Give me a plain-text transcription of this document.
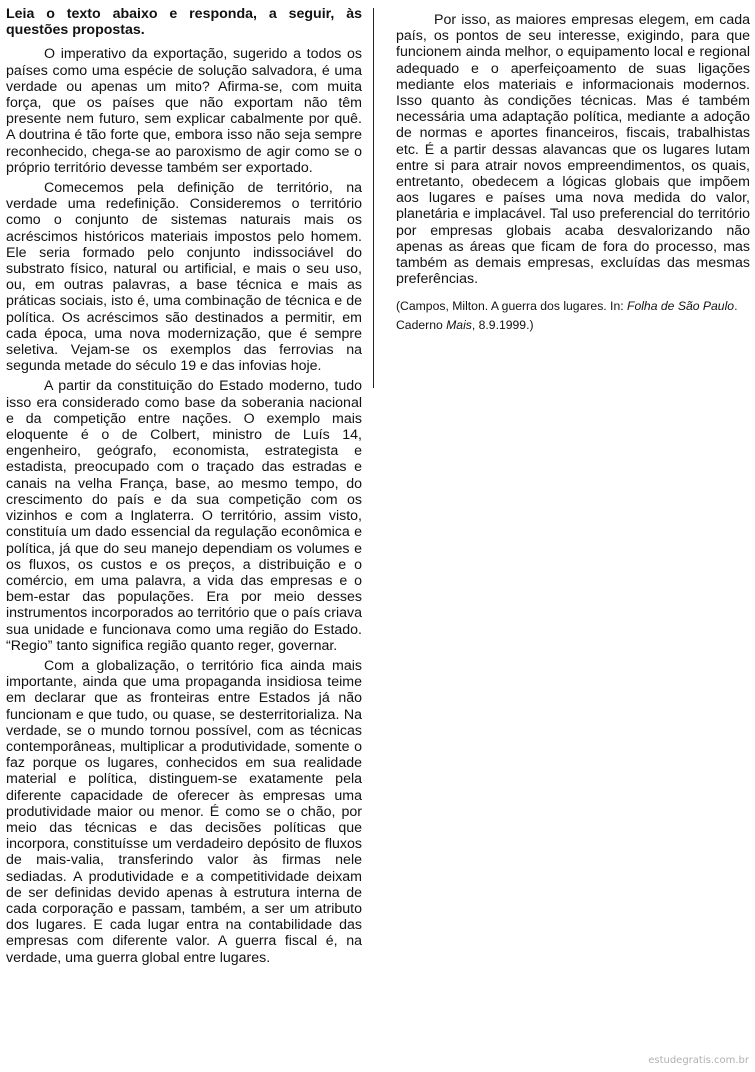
Leia o texto abaixo e responda, a seguir, às questões propostas.

O imperativo da exportação, sugerido a todos os países como uma espécie de solução salvadora, é uma verdade ou apenas um mito? Afirma-se, com muita força, que os países que não exportam não têm presente nem futuro, sem explicar cabalmente por quê. A doutrina é tão forte que, embora isso não seja sempre reconhecido, chega-se ao paroxismo de agir como se o próprio território devesse também ser exportado.

Comecemos pela definição de território, na verdade uma redefinição. Consideremos o território como o conjunto de sistemas naturais mais os acréscimos históricos materiais impostos pelo homem. Ele seria formado pelo conjunto indissociável do substrato físico, natural ou artificial, e mais o seu uso, ou, em outras palavras, a base técnica e mais as práticas sociais, isto é, uma combinação de técnica e de política. Os acréscimos são destinados a permitir, em cada época, uma nova modernização, que é sempre seletiva. Vejam-se os exemplos das ferrovias na segunda metade do século 19 e das infovias hoje.

A partir da constituição do Estado moderno, tudo isso era considerado como base da soberania nacional e da competição entre nações. O exemplo mais eloquente é o de Colbert, ministro de Luís 14, engenheiro, geógrafo, economista, estrategista e estadista, preocupado com o traçado das estradas e canais na velha França, base, ao mesmo tempo, do crescimento do país e da sua competição com os vizinhos e com a Inglaterra. O território, assim visto, constituía um dado essencial da regulação econômica e política, já que do seu manejo dependiam os volumes e os fluxos, os custos e os preços, a distribuição e o comércio, em uma palavra, a vida das empresas e o bem-estar das populações. Era por meio desses instrumentos incorporados ao território que o país criava sua unidade e funcionava como uma região do Estado. “Regio” tanto significa região quanto reger, governar.

Com a globalização, o território fica ainda mais importante, ainda que uma propaganda insidiosa teime em declarar que as fronteiras entre Estados já não funcionam e que tudo, ou quase, se desterritorializa. Na verdade, se o mundo tornou possível, com as técnicas contemporâneas, multiplicar a produtividade, somente o faz porque os lugares, conhecidos em sua realidade material e política, distinguem-se exatamente pela diferente capacidade de oferecer às empresas uma produtividade maior ou menor. É como se o chão, por meio das técnicas e das decisões políticas que incorpora, constituísse um verdadeiro depósito de fluxos de mais-valia, transferindo valor às firmas nele sediadas. A produtividade e a competitividade deixam de ser definidas devido apenas à estrutura interna de cada corporação e passam, também, a ser um atributo dos lugares. E cada lugar entra na contabilidade das empresas com diferente valor. A guerra fiscal é, na verdade, uma guerra global entre lugares.

Por isso, as maiores empresas elegem, em cada país, os pontos de seu interesse, exigindo, para que funcionem ainda melhor, o equipamento local e regional adequado e o aperfeiçoamento de suas ligações mediante elos materiais e informacionais modernos. Isso quanto às condições técnicas. Mas é também necessária uma adaptação política, mediante a adoção de normas e aportes financeiros, fiscais, trabalhistas etc. É a partir dessas alavancas que os lugares lutam entre si para atrair novos empreendimentos, os quais, entretanto, obedecem a lógicas globais que impõem aos lugares e países uma nova medida do valor, planetária e implacável. Tal uso preferencial do território por empresas globais acaba desvalorizando não apenas as áreas que ficam de fora do processo, mas também as demais empresas, excluídas das mesmas preferências.

(Campos, Milton. A guerra dos lugares. In: Folha de São Paulo. Caderno Mais, 8.9.1999.)
estudegratis.com.br
